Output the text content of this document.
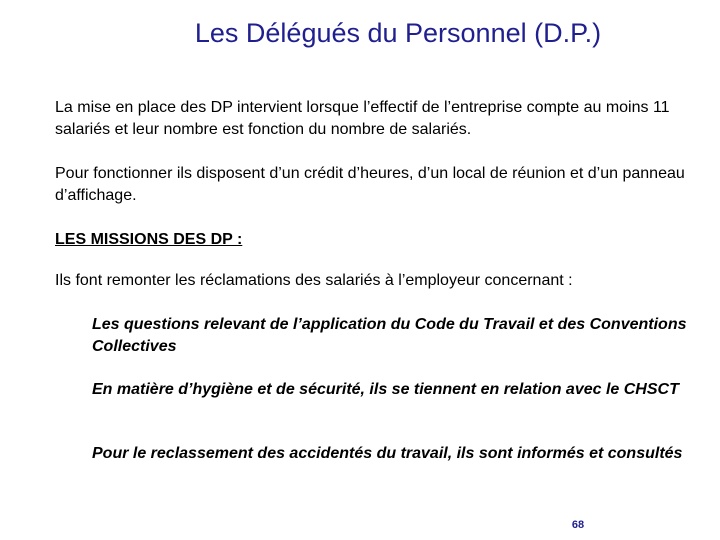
Les Délégués du Personnel (D.P.)
La mise en place des DP intervient lorsque l’effectif de l’entreprise compte au moins 11 salariés et leur nombre est fonction du nombre de salariés.
Pour fonctionner ils disposent d’un crédit d’heures, d’un local de réunion et d’un panneau d’affichage.
LES MISSIONS DES DP :
Ils font remonter les réclamations des salariés à l’employeur concernant :
Les questions relevant de l’application du Code du Travail et des Conventions Collectives
En matière d’hygiène et de sécurité, ils se tiennent en relation avec le CHSCT
Pour le reclassement des accidentés du travail, ils sont informés et consultés
68
